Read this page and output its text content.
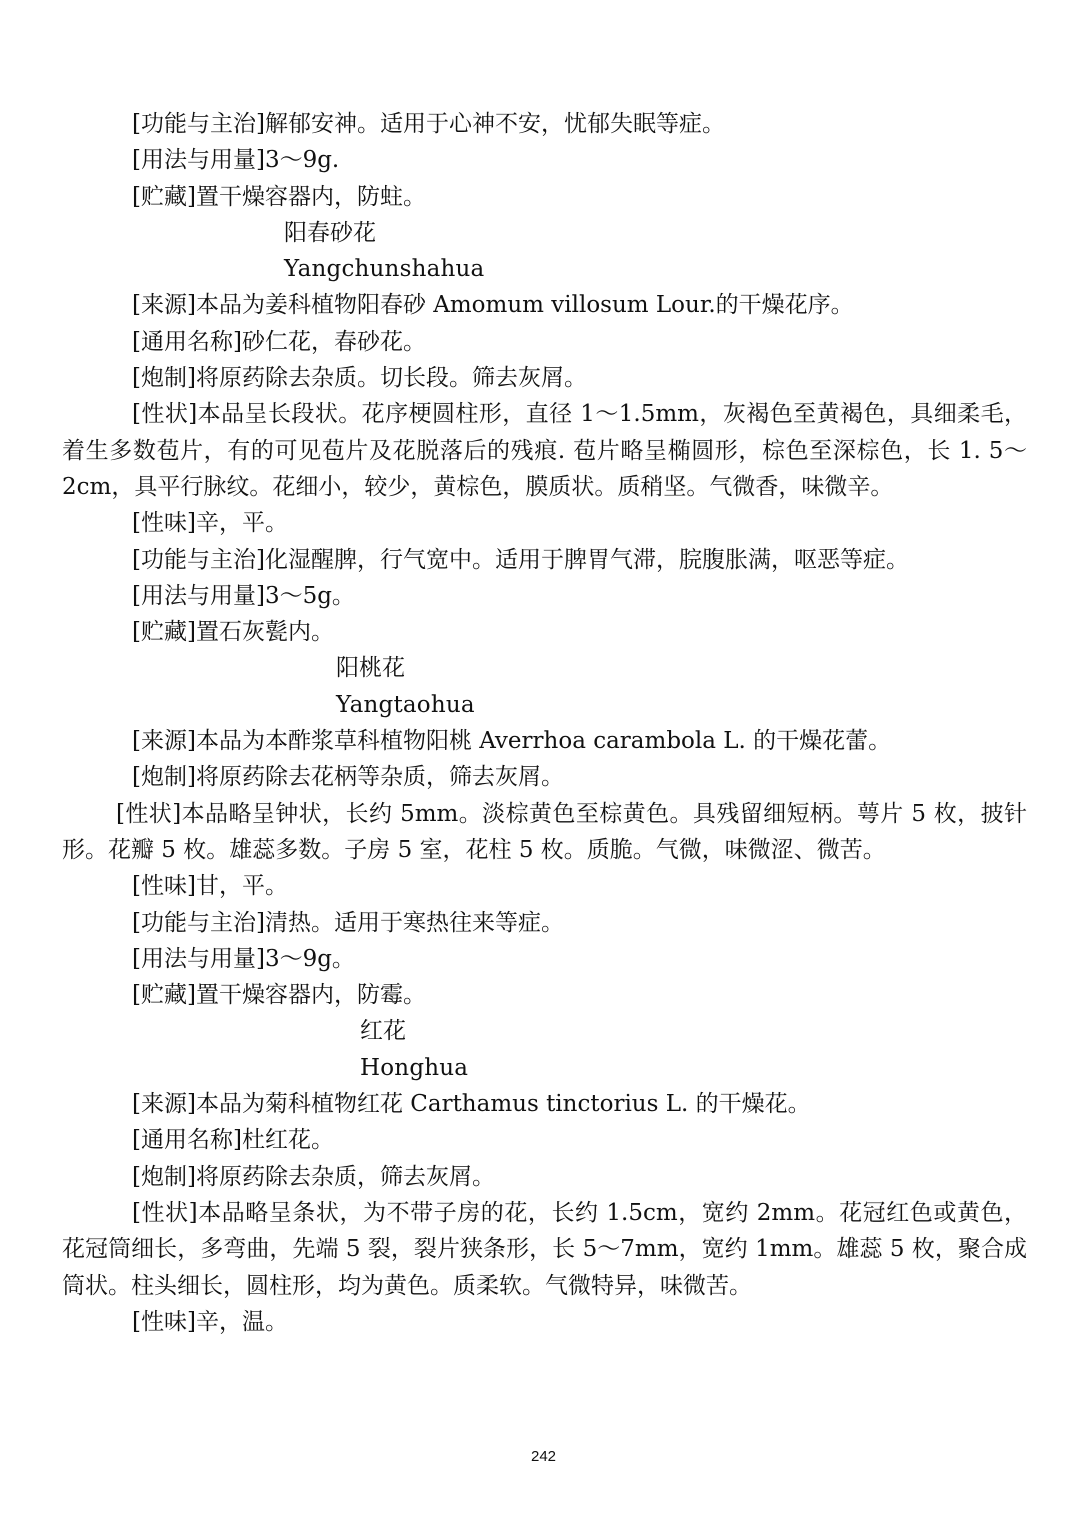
[功能与主治]解郁安神。适用于心神不安，忧郁失眠等症。
[用法与用量]3～9g.
[贮藏]置干燥容器内，防蛀。
阳春砂花
Yangchunshahua
[来源]本品为姜科植物阳春砂 Amomum villosum Lour.的干燥花序。
[通用名称]砂仁花，春砂花。
[炮制]将原药除去杂质。切长段。筛去灰屑。
[性状]本品呈长段状。花序梗圆柱形，直径 1～1.5mm，灰褐色至黄褐色，具细柔毛，着生多数苞片，有的可见苞片及花脱落后的残痕. 苞片略呈椭圆形，棕色至深棕色，长 1. 5～2cm，具平行脉纹。花细小，较少，黄棕色，膜质状。质稍坚。气微香，味微辛。
[性味]辛，平。
[功能与主治]化湿醒脾，行气宽中。适用于脾胃气滞，脘腹胀满，呕恶等症。
[用法与用量]3～5g。
[贮藏]置石灰甏内。
阳桃花
Yangtaohua
[来源]本品为本酢浆草科植物阳桃 Averrhoa carambola L. 的干燥花蕾。
[炮制]将原药除去花柄等杂质，筛去灰屑。
[性状]本品略呈钟状，长约 5mm。淡棕黄色至棕黄色。具残留细短柄。萼片 5 枚，披针形。花瓣 5 枚。雄蕊多数。子房 5 室，花柱 5 枚。质脆。气微，味微涩、微苦。
[性味]甘，平。
[功能与主治]清热。适用于寒热往来等症。
[用法与用量]3～9g。
[贮藏]置干燥容器内，防霉。
红花
Honghua
[来源]本品为菊科植物红花 Carthamus tinctorius L. 的干燥花。
[通用名称]杜红花。
[炮制]将原药除去杂质，筛去灰屑。
[性状]本品略呈条状，为不带子房的花，长约 1.5cm，宽约 2mm。花冠红色或黄色，花冠筒细长，多弯曲，先端 5 裂，裂片狭条形，长 5～7mm，宽约 1mm。雄蕊 5 枚，聚合成筒状。柱头细长，圆柱形，均为黄色。质柔软。气微特异，味微苦。
[性味]辛，温。
242
